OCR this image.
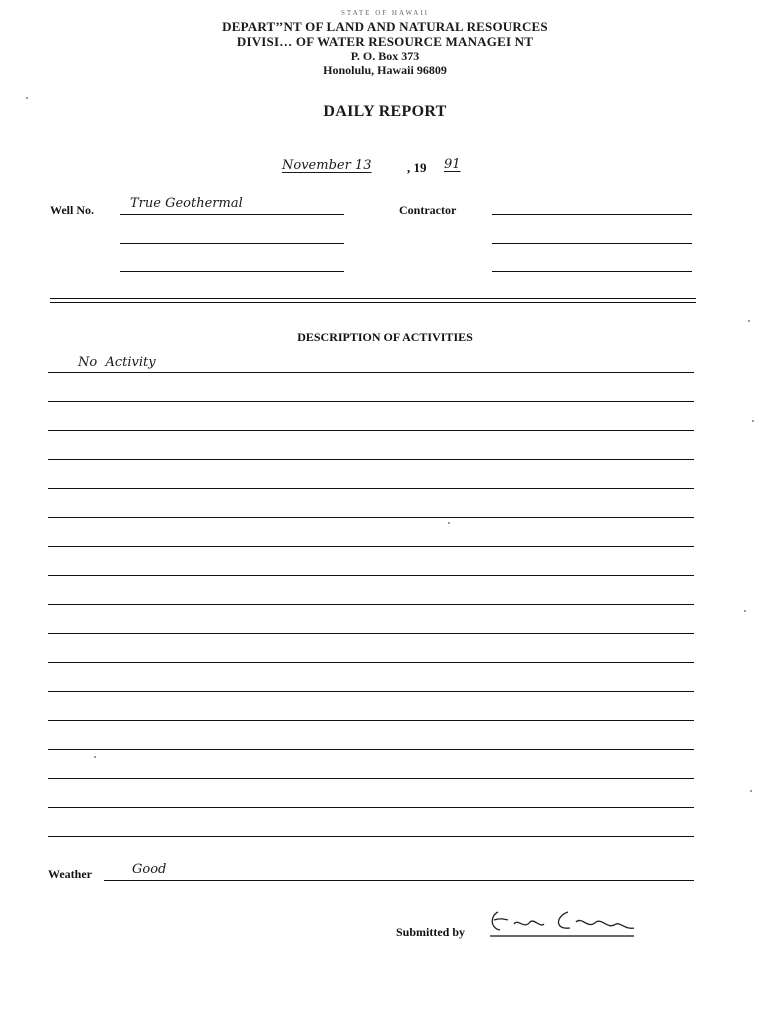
STATE OF HAWAII
DEPART’’NT OF LAND AND NATURAL RESOURCES
DIVISI… OF WATER RESOURCE MANAGEI NT
P. O. Box 373
Honolulu, Hawaii 96809
DAILY REPORT
November 13	, 19 91
Well No.	True Geothermal	Contractor
DESCRIPTION OF ACTIVITIES
No  Activity
Weather	Good
Submitted by
